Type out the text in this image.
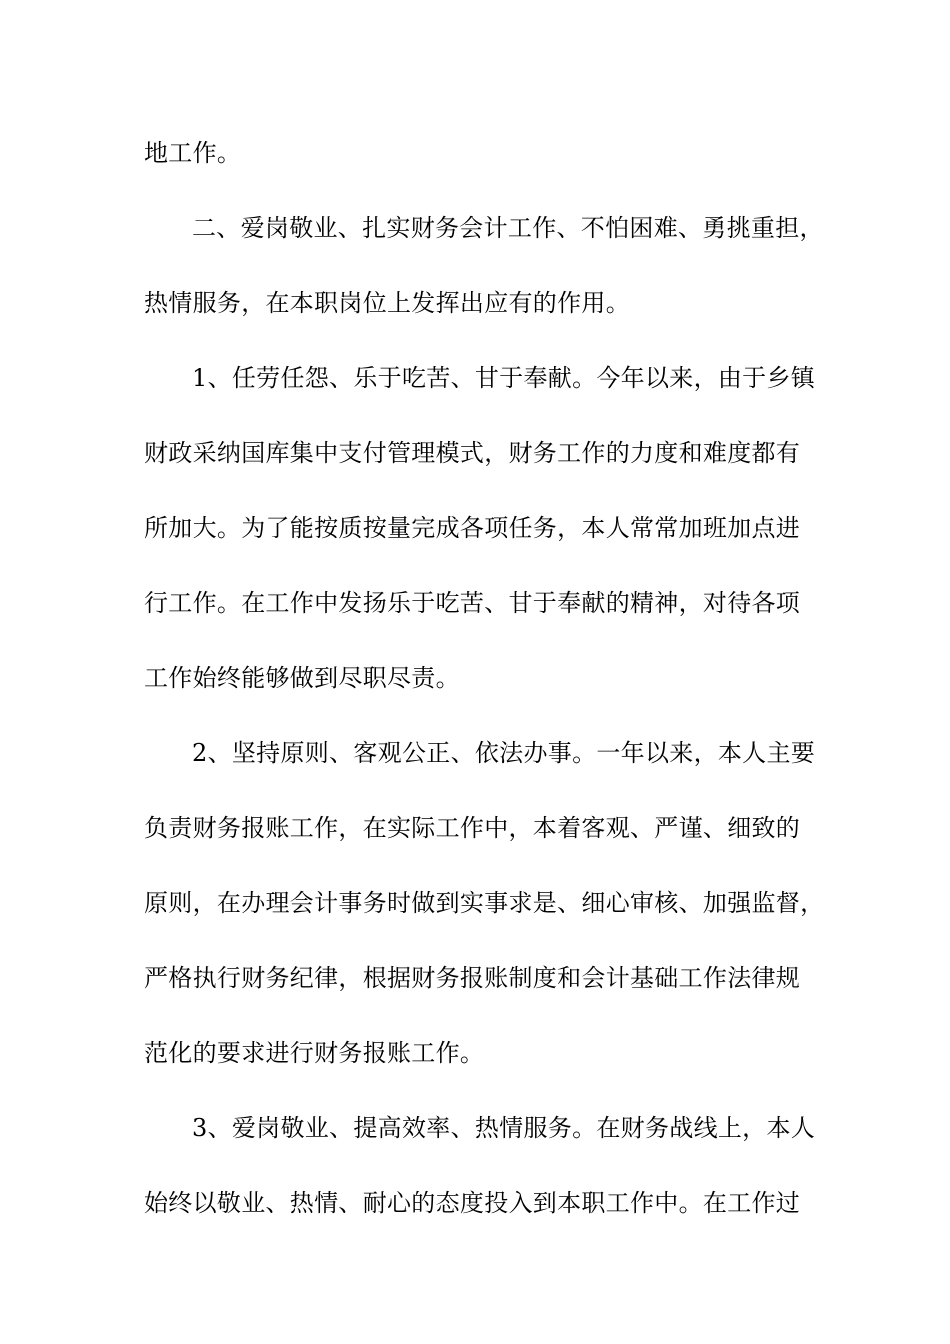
地工作。
二、爱岗敬业、扎实财务会计工作、不怕困难、勇挑重担，
热情服务，在本职岗位上发挥出应有的作用。
1、任劳任怨、乐于吃苦、甘于奉献。今年以来，由于乡镇
财政采纳国库集中支付管理模式，财务工作的力度和难度都有
所加大。为了能按质按量完成各项任务，本人常常加班加点进
行工作。在工作中发扬乐于吃苦、甘于奉献的精神，对待各项
工作始终能够做到尽职尽责。
2、坚持原则、客观公正、依法办事。一年以来，本人主要
负责财务报账工作，在实际工作中，本着客观、严谨、细致的
原则，在办理会计事务时做到实事求是、细心审核、加强监督，
严格执行财务纪律，根据财务报账制度和会计基础工作法律规
范化的要求进行财务报账工作。
3、爱岗敬业、提高效率、热情服务。在财务战线上，本人
始终以敬业、热情、耐心的态度投入到本职工作中。在工作过
